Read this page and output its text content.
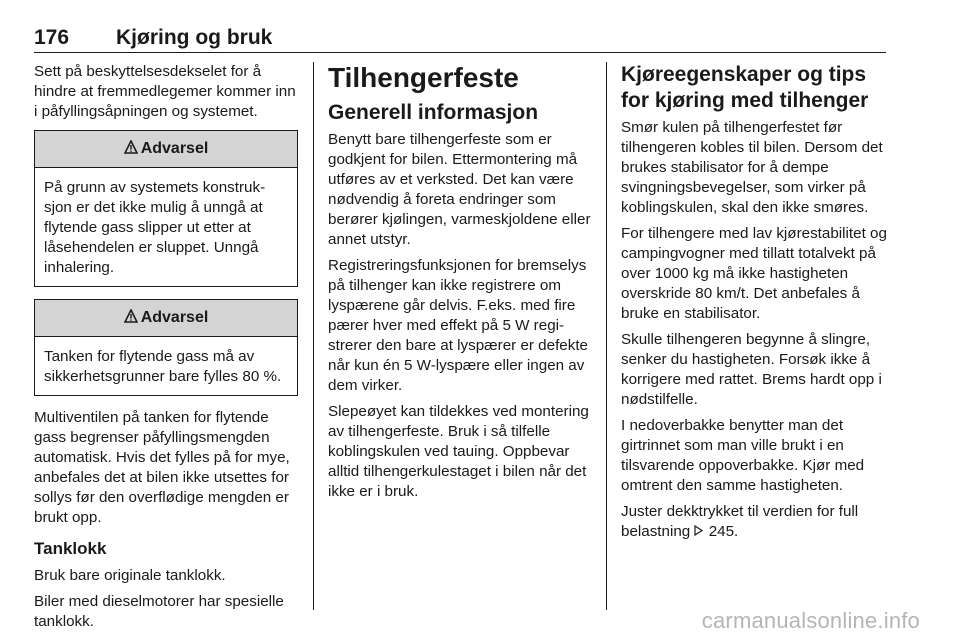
176 Kjøring og bruk

Sett på beskyttelsesdekselet for å hindre at fremmedlegemer kommer inn i påfyllingsåpningen og systemet.

Advarsel
På grunn av systemets konstruksjon er det ikke mulig å unngå at flytende gass slipper ut etter at låsehendelen er sluppet. Unngå inhalering.
Advarsel
Tanken for flytende gass må av sikkerhetsgrunner bare fylles 80 %.

Multiventilen på tanken for flytende gass begrenser påfyllingsmengden automatisk. Hvis det fylles på for mye, anbefales det at bilen ikke utsettes for sollys før den overflødige mengden er brukt opp.

Tanklokk

Bruk bare originale tanklokk.

Biler med dieselmotorer har spesielle tanklokk.

Tilhengerfeste
Generell informasjon

Benytt bare tilhengerfeste som er godkjent for bilen. Ettermontering må utføres av et verksted. Det kan være nødvendig å foreta endringer som berører kjølingen, varmeskjoldene eller annet utstyr.

Registreringsfunksjonen for bremselys på tilhenger kan ikke registrere om lyspærene går delvis. F.eks. med fire pærer hver med effekt på 5 W registrerer den bare at lyspærer er defekte når kun én 5 W-lyspære eller ingen av dem virker.

Slepeøyet kan tildekkes ved montering av tilhengerfeste. Bruk i så tilfelle koblingskulen ved tauing. Oppbevar alltid tilhengerkulestaget i bilen når det ikke er i bruk.

Kjøreegenskaper og tips for kjøring med tilhenger

Smør kulen på tilhengerfestet før tilhengeren kobles til bilen. Dersom det brukes stabilisator for å dempe svingningsbevegelser, som virker på koblingskulen, skal den ikke smøres.

For tilhengere med lav kjørestabilitet og campingvogner med tillatt totalvekt på over 1000 kg må ikke hastigheten overskride 80 km/t. Det anbefales å bruke en stabilisator.

Skulle tilhengeren begynne å slingre, senker du hastigheten. Forsøk ikke å korrigere med rattet. Brems hardt opp i nødstilfelle.

I nedoverbakke benytter man det girtrinnet som man ville brukt i en tilsvarende oppoverbakke. Kjør med omtrent den samme hastigheten.

Juster dekktrykket til verdien for full belastning 245.

carmanualsonline.info
